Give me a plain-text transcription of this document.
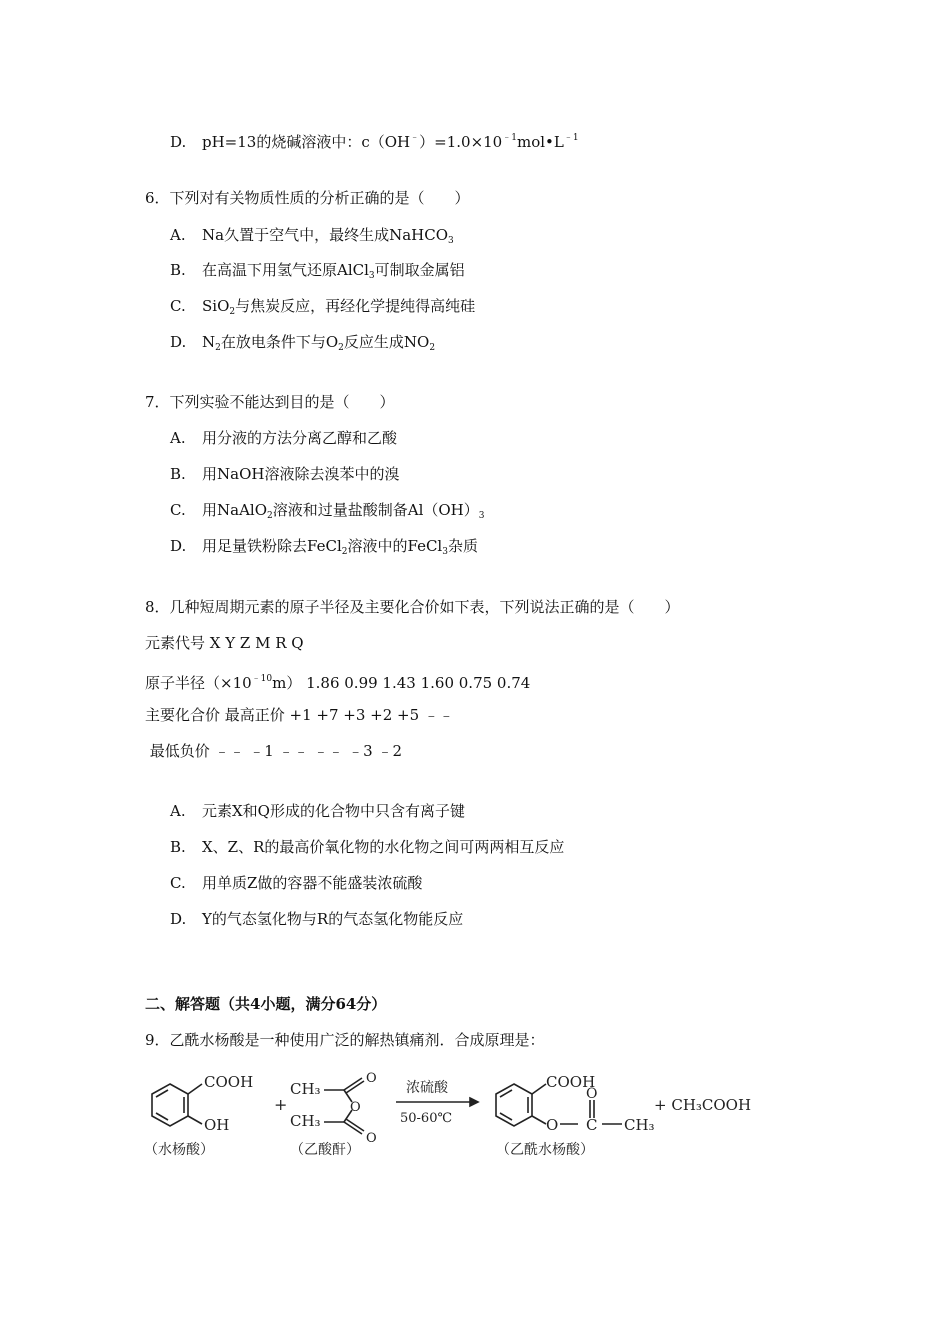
D. pH=13的烧碱溶液中：$c(OH^﹣)=1.0\times 10^{﹣1}mol•L^{﹣1}$
6．下列对有关物质性质的分析正确的是（　　）
A. Na久置于空气中，最终生成NaHCO$_3$
B. 在高温下用氢气还原AlCl$_3$可制取金属铝
C. SiO$_2$与焦炭反应，再经化学提纯得高纯硅
D. $N_2$在放电条件下与$O_2$反应生成$NO_2$
7．下列实验不能达到目的是（　　）
A. 用分液的方法分离乙醇和乙酸
B. 用NaOH溶液除去溴苯中的溴
C. 用NaAlO$_2$溶液和过量盐酸制备$Al(OH)_3$
D. 用足量铁粉除去FeCl$_2$溶液中的FeCl$_3$杂质
8．几种短周期元素的原子半径及主要化合价如下表，下列说法正确的是（　　）
元素代号 X Y Z M R Q
原子半径$(\times 10^{﹣10}m)$ 1.86 0.99 1.43 1.60 0.75 0.74
主要化合价 最高正价 +1 +7 +3 +2 +5 ﹣﹣
最低负价 ﹣﹣ ﹣1 ﹣﹣ ﹣﹣ ﹣3 ﹣2
A. 元素X和Q形成的化合物中只含有离子键
B. X、Z、R的最高价氧化物的水化物之间可两两相互反应
C. 用单质Z做的容器不能盛装浓硫酸
D. Y的气态氢化物与R的气态氢化物能反应
二、解答题（共4小题，满分64分）
9．乙酰水杨酸是一种使用广泛的解热镇痛剂．合成原理是：
COOH
OH
（水杨酸）
+
CH₃
CH₃
O
O
O
（乙酸酐）
浓硫酸
50-60℃
COOH
O C
O
CH₃
（乙酰水杨酸）
+ CH₃COOH
